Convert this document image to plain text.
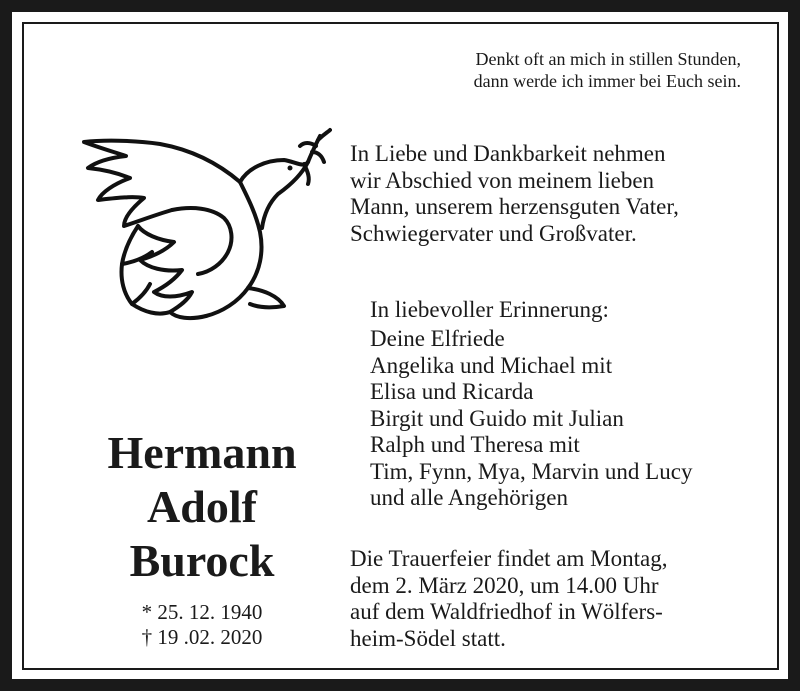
Denkt oft an mich in stillen Stunden,
dann werde ich immer bei Euch sein.
In Liebe und Dankbarkeit nehmen
wir Abschied von meinem lieben
Mann, unserem herzensguten Vater,
Schwiegervater und Großvater.
In liebevoller Erinnerung:
Deine Elfriede
Angelika und Michael mit
Elisa und Ricarda
Birgit und Guido mit Julian
Ralph und Theresa mit
Tim, Fynn, Mya, Marvin und Lucy
und alle Angehörigen
Hermann
Adolf
Burock
* 25. 12. 1940
† 19 .02. 2020
Die Trauerfeier findet am Montag,
dem 2. März 2020, um 14.00 Uhr
auf dem Waldfriedhof in Wölfers-
heim-Södel statt.
